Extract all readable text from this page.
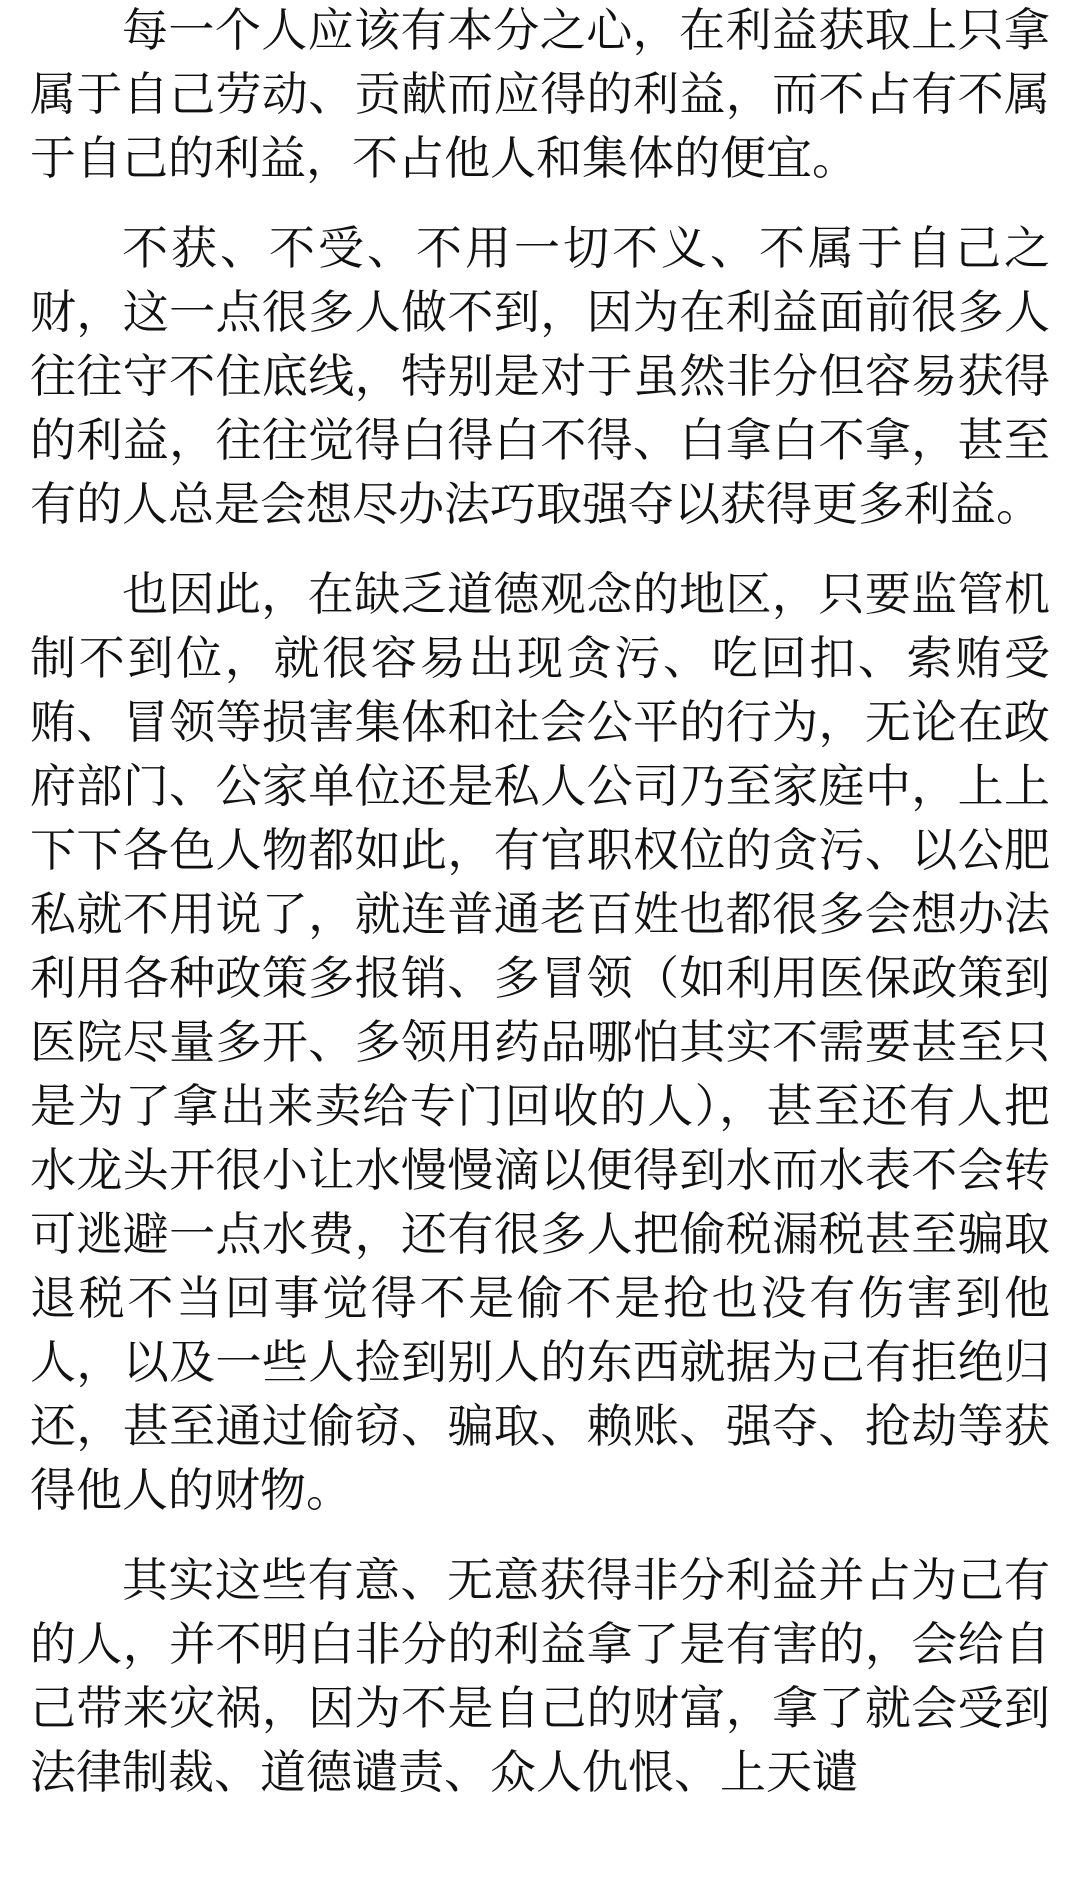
每一个人应该有本分之心，在利益获取上只拿属于自己劳动、贡献而应得的利益，而不占有不属于自己的利益，不占他人和集体的便宜。

不获、不受、不用一切不义、不属于自己之财，这一点很多人做不到，因为在利益面前很多人往往守不住底线，特别是对于虽然非分但容易获得的利益，往往觉得白得白不得、白拿白不拿，甚至有的人总是会想尽办法巧取强夺以获得更多利益。

也因此，在缺乏道德观念的地区，只要监管机制不到位，就很容易出现贪污、吃回扣、索贿受贿、冒领等损害集体和社会公平的行为，无论在政府部门、公家单位还是私人公司乃至家庭中，上上下下各色人物都如此，有官职权位的贪污、以公肥私就不用说了，就连普通老百姓也都很多会想办法利用各种政策多报销、多冒领（如利用医保政策到医院尽量多开、多领用药品哪怕其实不需要甚至只是为了拿出来卖给专门回收的人），甚至还有人把水龙头开很小让水慢慢滴以便得到水而水表不会转可逃避一点水费，还有很多人把偷税漏税甚至骗取退税不当回事觉得不是偷不是抢也没有伤害到他人，以及一些人捡到别人的东西就据为己有拒绝归还，甚至通过偷窃、骗取、赖账、强夺、抢劫等获得他人的财物。

其实这些有意、无意获得非分利益并占为己有的人，并不明白非分的利益拿了是有害的，会给自己带来灾祸，因为不是自己的财富，拿了就会受到法律制裁、道德谴责、众人仇恨、上天谴
